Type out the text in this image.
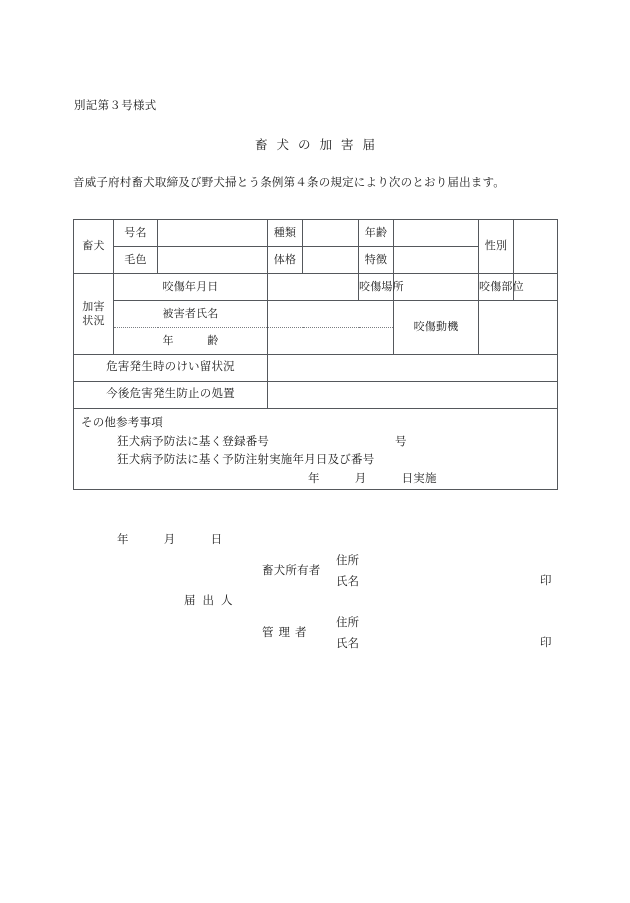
別記第３号様式
畜犬の加害届
音威子府村畜犬取締及び野犬掃とう条例第４条の規定により次のとおり届出ます。
畜犬	号名		種類		年齢		性別	
	毛色		体格		特徴			

加害
状況	咬傷年月日				咬傷場所		咬傷部位	
	被害者氏名					咬傷動機		
	年　　　齢							
危害発生時のけい留状況								
今後危害発生防止の処置								

その他参考事項
狂犬病予防法に基く登録番号 号
狂犬病予防法に基く予防注射実施年月日及び番号
年　　　月　　　日実施								
年　　　月　　　日
届出人
畜犬所有者
住所
氏名	印
管理者
住所
氏名	印
